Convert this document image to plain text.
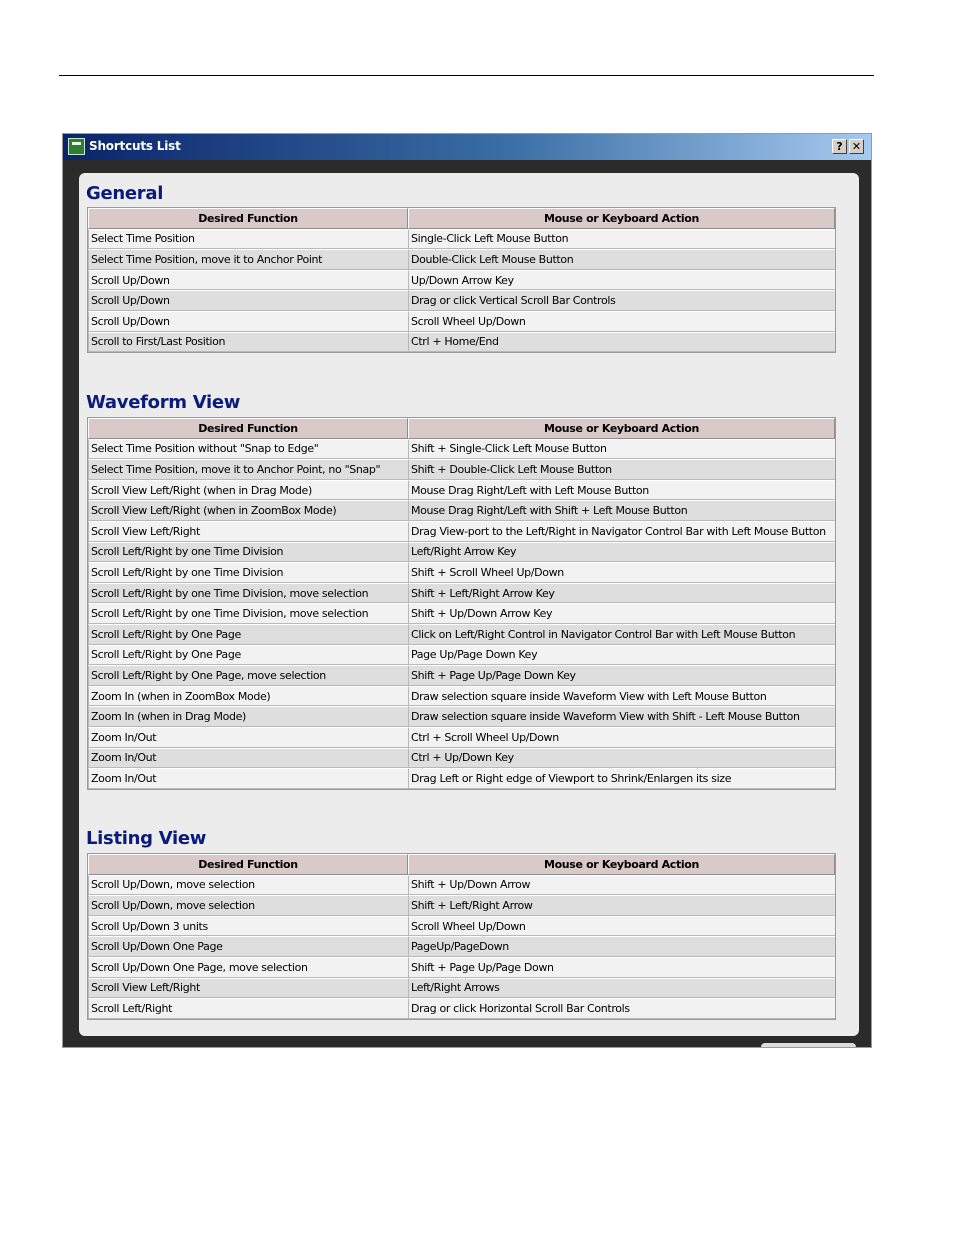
Shortcuts List	? ✕
General
Desired Function	Mouse or Keyboard Action
Select Time Position	Single-Click Left Mouse Button
Select Time Position, move it to Anchor Point	Double-Click Left Mouse Button
Scroll Up/Down	Up/Down Arrow Key
Scroll Up/Down	Drag or click Vertical Scroll Bar Controls
Scroll Up/Down	Scroll Wheel Up/Down
Scroll to First/Last Position	Ctrl + Home/End
Waveform View
Desired Function	Mouse or Keyboard Action
Select Time Position without "Snap to Edge"	Shift + Single-Click Left Mouse Button
Select Time Position, move it to Anchor Point, no "Snap"	Shift + Double-Click Left Mouse Button
Scroll View Left/Right (when in Drag Mode)	Mouse Drag Right/Left with Left Mouse Button
Scroll View Left/Right (when in ZoomBox Mode)	Mouse Drag Right/Left with Shift + Left Mouse Button
Scroll View Left/Right	Drag View-port to the Left/Right in Navigator Control Bar with Left Mouse Button
Scroll Left/Right by one Time Division	Left/Right Arrow Key
Scroll Left/Right by one Time Division	Shift + Scroll Wheel Up/Down
Scroll Left/Right by one Time Division, move selection	Shift + Left/Right Arrow Key
Scroll Left/Right by one Time Division, move selection	Shift + Up/Down Arrow Key
Scroll Left/Right by One Page	Click on Left/Right Control in Navigator Control Bar with Left Mouse Button
Scroll Left/Right by One Page	Page Up/Page Down Key
Scroll Left/Right by One Page, move selection	Shift + Page Up/Page Down Key
Zoom In (when in ZoomBox Mode)	Draw selection square inside Waveform View with Left Mouse Button
Zoom In (when in Drag Mode)	Draw selection square inside Waveform View with Shift - Left Mouse Button
Zoom In/Out	Ctrl + Scroll Wheel Up/Down
Zoom In/Out	Ctrl + Up/Down Key
Zoom In/Out	Drag Left or Right edge of Viewport to Shrink/Enlargen its size
Listing View
Desired Function	Mouse or Keyboard Action
Scroll Up/Down, move selection	Shift + Up/Down Arrow
Scroll Up/Down, move selection	Shift + Left/Right Arrow
Scroll Up/Down 3 units	Scroll Wheel Up/Down
Scroll Up/Down One Page	PageUp/PageDown
Scroll Up/Down One Page, move selection	Shift + Page Up/Page Down
Scroll View Left/Right	Left/Right Arrows
Scroll Left/Right	Drag or click Horizontal Scroll Bar Controls
